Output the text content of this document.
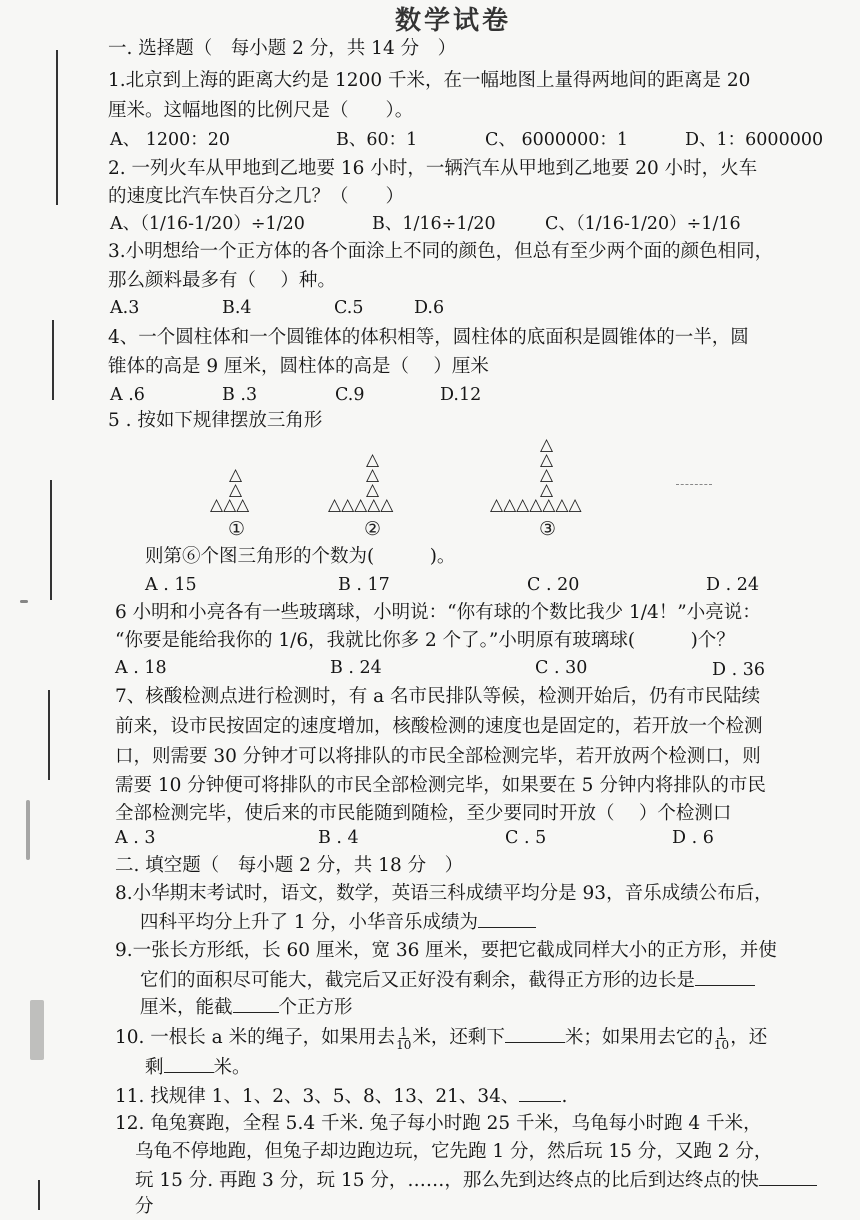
数学试卷
一. 选择题（　每小题 2 分，共 14 分　）
1.北京到上海的距离大约是 1200 千米，在一幅地图上量得两地间的距离是 20
厘米。这幅地图的比例尺是（　　）。
A、 1200：20	B、60：1	C、 6000000：1	D、1：6000000
2. 一列火车从甲地到乙地要 16 小时，一辆汽车从甲地到乙地要 20 小时，火车
的速度比汽车快百分之几？（　　）
A、（1/16-1/20）÷1/20	B、1/16÷1/20	C、（1/16-1/20）÷1/16
3.小明想给一个正方体的各个面涂上不同的颜色，但总有至少两个面的颜色相同，
那么颜料最多有（　 ）种。
A.3	B.4	C.5	D.6
4、一个圆柱体和一个圆锥体的体积相等，圆柱体的底面积是圆锥体的一半，圆
锥体的高是 9 厘米，圆柱体的高是（　 ）厘米
A .6	B .3	C.9	D.12
5 . 按如下规律摆放三角形
△
△
△△△
①
△
△
△
△△△△△
②
△
△
△
△
△△△△△△△
③
则第⑥个图三角形的个数为(　　　)。
A . 15	B . 17	C . 20	D . 24
6 小明和小亮各有一些玻璃球，小明说：“你有球的个数比我少 1/4！”小亮说：
“你要是能给我你的 1/6，我就比你多 2 个了。”小明原有玻璃球(　　　)个？
A . 18	B . 24	C . 30	D . 36
7、核酸检测点进行检测时，有 a 名市民排队等候，检测开始后，仍有市民陆续
前来，设市民按固定的速度增加，核酸检测的速度也是固定的，若开放一个检测
口，则需要 30 分钟才可以将排队的市民全部检测完毕，若开放两个检测口，则
需要 10 分钟便可将排队的市民全部检测完毕，如果要在 5 分钟内将排队的市民
全部检测完毕，使后来的市民能随到随检，至少要同时开放（　 ）个检测口
A . 3	B . 4	C . 5	D . 6
二. 填空题（　每小题 2 分，共 18 分　）
8.小华期末考试时，语文，数学，英语三科成绩平均分是 93，音乐成绩公布后，
四科平均分上升了 1 分，小华音乐成绩为
9.一张长方形纸，长 60 厘米，宽 36 厘米，要把它截成同样大小的正方形，并使
它们的面积尽可能大，截完后又正好没有剩余，截得正方形的边长是
厘米，能截 个正方形
10. 一根长 a 米的绳子，如果用去 $\frac{1}{10}$ 米，还剩下	米；如果用去它的 $\frac{1}{10}$ ，还
剩	米。
11. 找规律 1、1、2、3、5、8、13、21、34、 .
12. 龟兔赛跑，全程 5.4 千米. 兔子每小时跑 25 千米，乌龟每小时跑 4 千米，
乌龟不停地跑，但兔子却边跑边玩，它先跑 1 分，然后玩 15 分，又跑 2 分，
玩 15 分. 再跑 3 分，玩 15 分，……，那么先到达终点的比后到达终点的快
分
